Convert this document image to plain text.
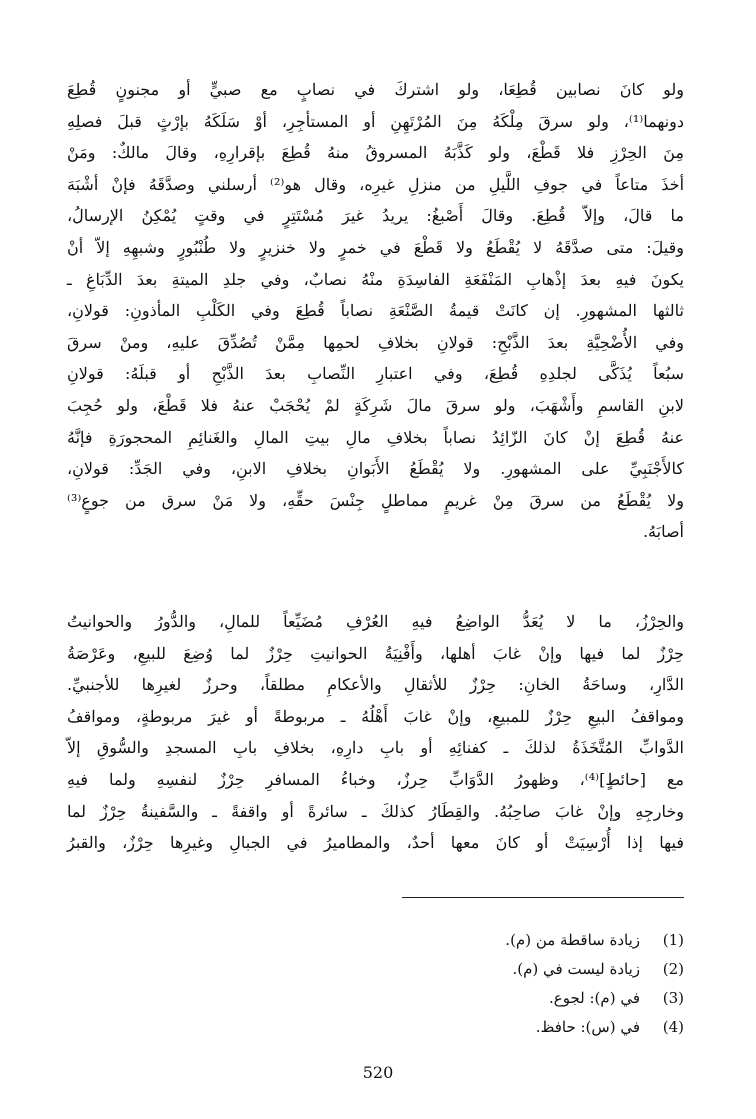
ولو كانَ نصابين قُطِعَا، ولو اشتركَ في نصابٍ مع صبيٍّ أو مجنونٍ قُطِعَ
دونهما⁽¹⁾، ولو سرقَ مِلْكَهُ مِنَ المُرْتَهِنِ أو المستأجِرِ، أوْ سَلَكَهُ بإرْثٍ قبلَ فصلِهِ
مِنَ الحِرْزِ فلا قَطْعَ، ولو كَذَّبَهُ المسروقُ منهُ قُطِعَ بإقرارِهِ، وقالَ مالكٌ: ومَنْ
أخذَ متاعاً في جوفِ اللَّيلِ من منزلِ غيرِه، وقال هو⁽²⁾ أرسلني وصدَّقَهُ فإنْ أشْبَهَ
ما قالَ، وإلاّ قُطِعَ. وقالَ أَصْبغُ: يريدُ غيرَ مُسْتَتِرٍ في وقتٍ يُمْكِنُ الإرسالُ،
وقيلَ: متى صدَّقَهُ لا يُقْطَعُ ولا قَطْعَ في خمرٍ ولا خنزيرٍ ولا طُنْبُورٍ وشبهِهِ إلاّ أنْ
يكونَ فيهِ بعدَ إذْهابِ المَنْفَعَةِ الفاسِدَةِ منْهُ نصابٌ، وفي جلدِ الميتةِ بعدَ الدِّبَاغِ ـ
ثالثها المشهورِ. إن كانَتْ قيمةُ الصَّنْعَةِ نصاباً قُطِعَ وفي الكَلْبِ المأذونِ: قولانِ،
وفي الأُضْحِيَّةِ بعدَ الذَّبْحِ: قولانِ بخلافِ لحمِها مِمَّنْ تُصُدِّقَ عليهِ، ومنْ سرقَ
سبُعاً يُذَكَّى لجلدِهِ قُطِعَ، وفي اعتبارِ النِّصابِ بعدَ الذَّبْحِ أو قبلَهُ: قولانِ
لابنِ القاسمِ وأَشْهَبَ، ولو سرقَ مالَ شَرِكَةٍ لمْ يُحْجَبْ عنهُ فلا قَطْعَ، ولو حُجِبَ
عنهُ قُطِعَ إنْ كانَ الزّائِدُ نصاباً بخلافِ مالِ بيتِ المالِ والغَنائِمِ المحجورَةِ فإنَّهُ
كالأَجْنَبِيِّ على المشهورِ. ولا يُقْطَعُ الأَبَوانِ بخلافِ الابنِ، وفي الجَدِّ: قولانِ،
ولا يُقْطَعُ من سرقَ مِنْ غريمٍ مماطلٍ جِنْسَ حقِّهِ، ولا مَنْ سرق من جوعٍ⁽³⁾
أصابَهُ.
والحِرْزُ، ما لا يُعَدُّ الواضِعُ فيهِ العُرْفِ مُضَيِّعاً للمالِ، والدُّورُ والحوانيتُ
حِرْزٌ لما فيها وإنْ غابَ أهلها، وأَفْنِيَةُ الحوانيتِ حِرْزٌ لما وُضِعَ للبيعِ، وعَرْصَةُ
الدَّارِ، وساحَةُ الخانِ: حِرْزٌ للأثقالِ والأعكامِ مطلقاً، وحرزٌ لغيرِها للأجنبيِّ.
ومواقفُ البيعِ حِرْزٌ للمبيعِ، وإنْ غابَ أَهْلُهُ ـ مربوطةً أو غيرَ مربوطةٍ، ومواقفُ
الدَّوابِّ المُتَّخَذَةُ لذلكَ ـ كفنائِهِ أو بابِ دارِهِ، بخلافِ بابِ المسجدِ والسُّوقِ إلاّ
مع [حائطٍ]⁽⁴⁾، وظهورُ الدَّوَابِّ حِرزٌ، وخباءُ المسافرِ حِرْزٌ لنفسِهِ ولما فيهِ
وخارجِهِ وإنْ غابَ صاحِبُهُ. والقِطَارُ كذلكَ ـ سائرةً أو واقفةً ـ والسَّفينةُ حِرْزٌ لما
فيها إذا أُرْسِيَتْ أو كانَ معها أحدٌ، والمطاميرُ في الجبالِ وغيرِها حِرْزٌ، والقبرُ
(1)
زيادة ساقطة من (م).
(2)
زيادة ليست في (م).
(3)
في (م): لجوع.
(4)
في (س): حافظ.
520
